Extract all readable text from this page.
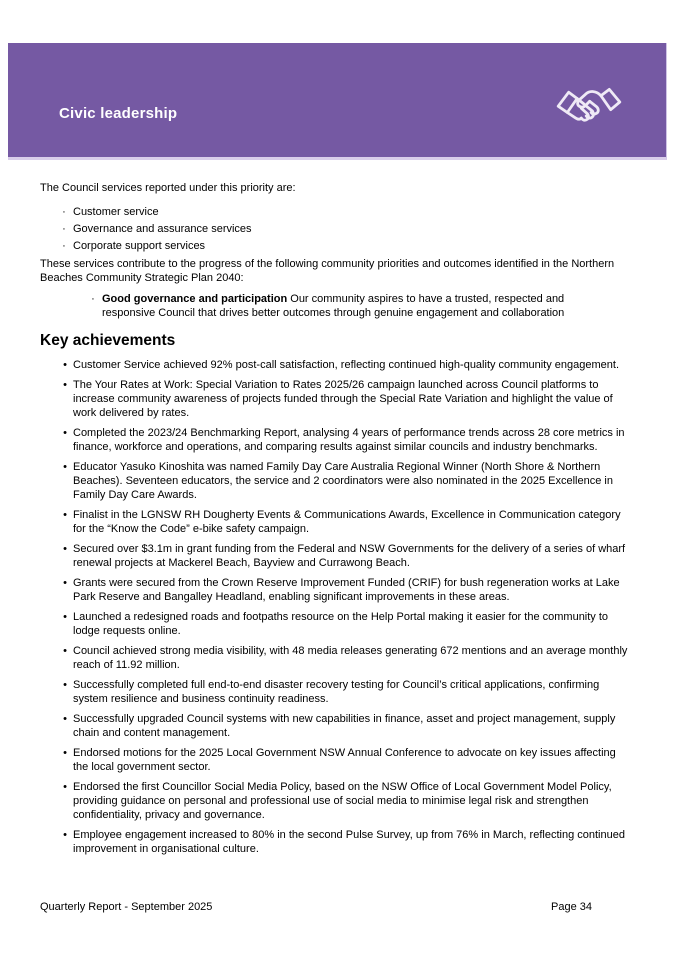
Civic leadership
The Council services reported under this priority are:
· Customer service
· Governance and assurance services
· Corporate support services
These services contribute to the progress of the following community priorities and outcomes identified in the Northern Beaches Community Strategic Plan 2040:
· Good governance and participation Our community aspires to have a trusted, respected and responsive Council that drives better outcomes through genuine engagement and collaboration
Key achievements
• Customer Service achieved 92% post-call satisfaction, reflecting continued high-quality community engagement.
• The Your Rates at Work: Special Variation to Rates 2025/26 campaign launched across Council platforms to increase community awareness of projects funded through the Special Rate Variation and highlight the value of work delivered by rates.
• Completed the 2023/24 Benchmarking Report, analysing 4 years of performance trends across 28 core metrics in finance, workforce and operations, and comparing results against similar councils and industry benchmarks.
• Educator Yasuko Kinoshita was named Family Day Care Australia Regional Winner (North Shore & Northern Beaches). Seventeen educators, the service and 2 coordinators were also nominated in the 2025 Excellence in Family Day Care Awards.
• Finalist in the LGNSW RH Dougherty Events & Communications Awards, Excellence in Communication category for the “Know the Code” e-bike safety campaign.
• Secured over $3.1m in grant funding from the Federal and NSW Governments for the delivery of a series of wharf renewal projects at Mackerel Beach, Bayview and Currawong Beach.
• Grants were secured from the Crown Reserve Improvement Funded (CRIF) for bush regeneration works at Lake Park Reserve and Bangalley Headland, enabling significant improvements in these areas.
• Launched a redesigned roads and footpaths resource on the Help Portal making it easier for the community to lodge requests online.
• Council achieved strong media visibility, with 48 media releases generating 672 mentions and an average monthly reach of 11.92 million.
• Successfully completed full end-to-end disaster recovery testing for Council’s critical applications, confirming system resilience and business continuity readiness.
• Successfully upgraded Council systems with new capabilities in finance, asset and project management, supply chain and content management.
• Endorsed motions for the 2025 Local Government NSW Annual Conference to advocate on key issues affecting the local government sector.
• Endorsed the first Councillor Social Media Policy, based on the NSW Office of Local Government Model Policy, providing guidance on personal and professional use of social media to minimise legal risk and strengthen confidentiality, privacy and governance.
• Employee engagement increased to 80% in the second Pulse Survey, up from 76% in March, reflecting continued improvement in organisational culture.
Quarterly Report - September 2025	Page 34
